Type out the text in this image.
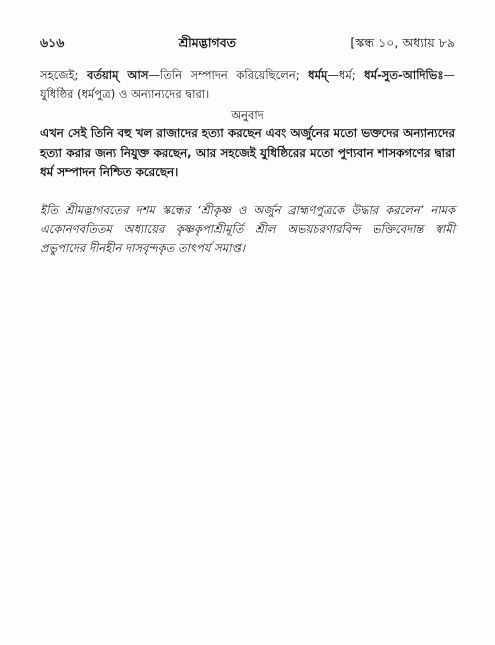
৬১৬	শ্রীমদ্ভাগবত	[স্কন্ধ ১০, অধ্যায় ৮৯

সহজেই; বর্তয়াম্ আস—তিনি সম্পাদন করিয়েছিলেন; ধর্মম্—ধর্ম; ধর্ম-সুত-আদিভিঃ—যুধিষ্ঠির (ধর্মপুত্র) ও অন্যান্যদের দ্বারা।

অনুবাদ

এখন সেই তিনি বহু খল রাজাদের হত্যা করছেন এবং অর্জুনের মতো ভক্তদের অন্যান্যদের হত্যা করার জন্য নিযুক্ত করছেন, আর সহজেই যুধিষ্ঠিরের মতো পুণ্যবান শাসকগণের দ্বারা ধর্ম সম্পাদন নিশ্চিত করেছেন।

ইতি শ্রীমদ্ভাগবতের দশম স্কন্ধের ‘শ্রীকৃষ্ণ ও অর্জুন ব্রাহ্মণপুত্রকে উদ্ধার করলেন’ নামক একোনণবতিতম অধ্যায়ের কৃষ্ণকৃপাশ্রীমূর্তি শ্রীল অভয়চরণারবিন্দ ভক্তিবেদান্ত স্বামী প্রভুপাদের দীনহীন দাসবৃন্দকৃত তাৎপর্য সমাপ্ত।
